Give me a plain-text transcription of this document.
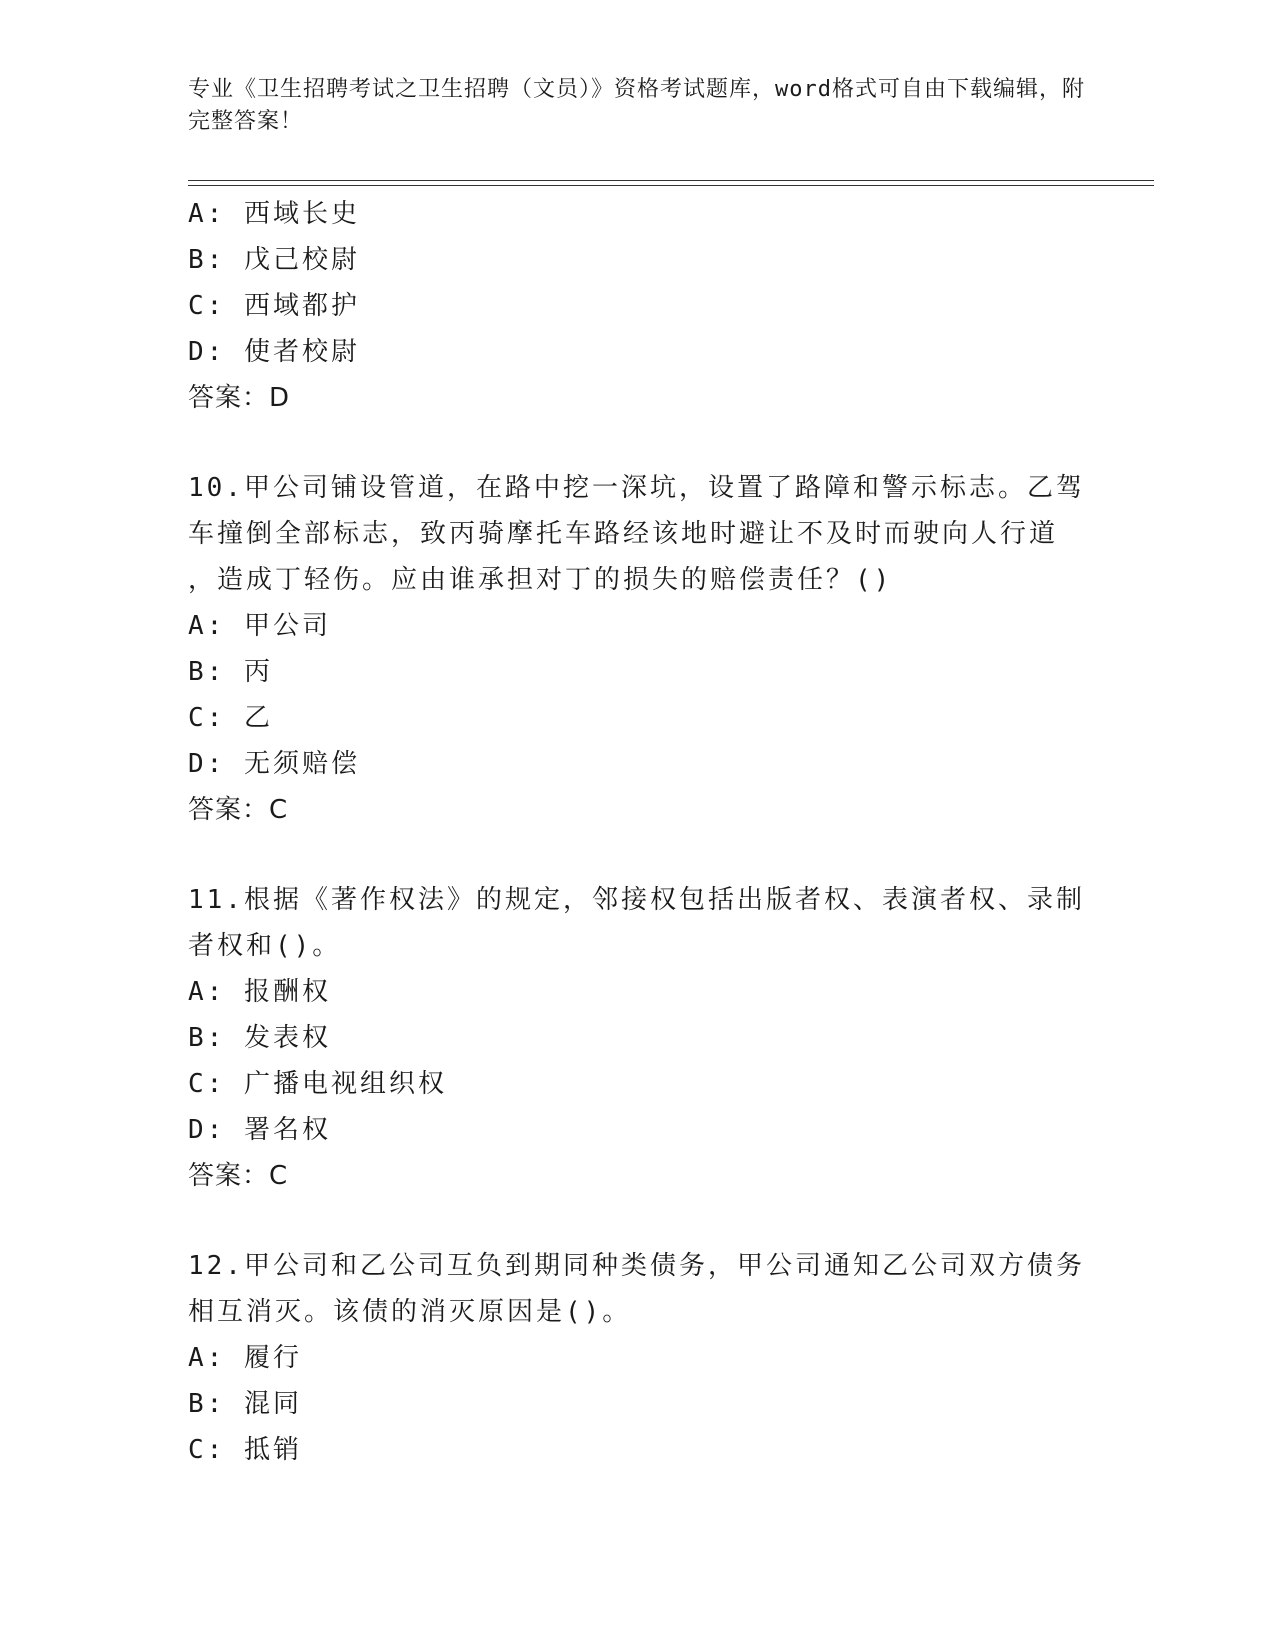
专业《卫生招聘考试之卫生招聘（文员）》资格考试题库，word格式可自由下载编辑，附完整答案！
A: 西域长史
B: 戊己校尉
C: 西域都护
D: 使者校尉
答案：D
10.甲公司铺设管道，在路中挖一深坑，设置了路障和警示标志。乙驾
车撞倒全部标志，致丙骑摩托车路经该地时避让不及时而驶向人行道
，造成丁轻伤。应由谁承担对丁的损失的赔偿责任？()
A: 甲公司
B: 丙
C: 乙
D: 无须赔偿
答案：C
11.根据《著作权法》的规定，邻接权包括出版者权、表演者权、录制
者权和()。
A: 报酬权
B: 发表权
C: 广播电视组织权
D: 署名权
答案：C
12.甲公司和乙公司互负到期同种类债务，甲公司通知乙公司双方债务
相互消灭。该债的消灭原因是()。
A: 履行
B: 混同
C: 抵销
